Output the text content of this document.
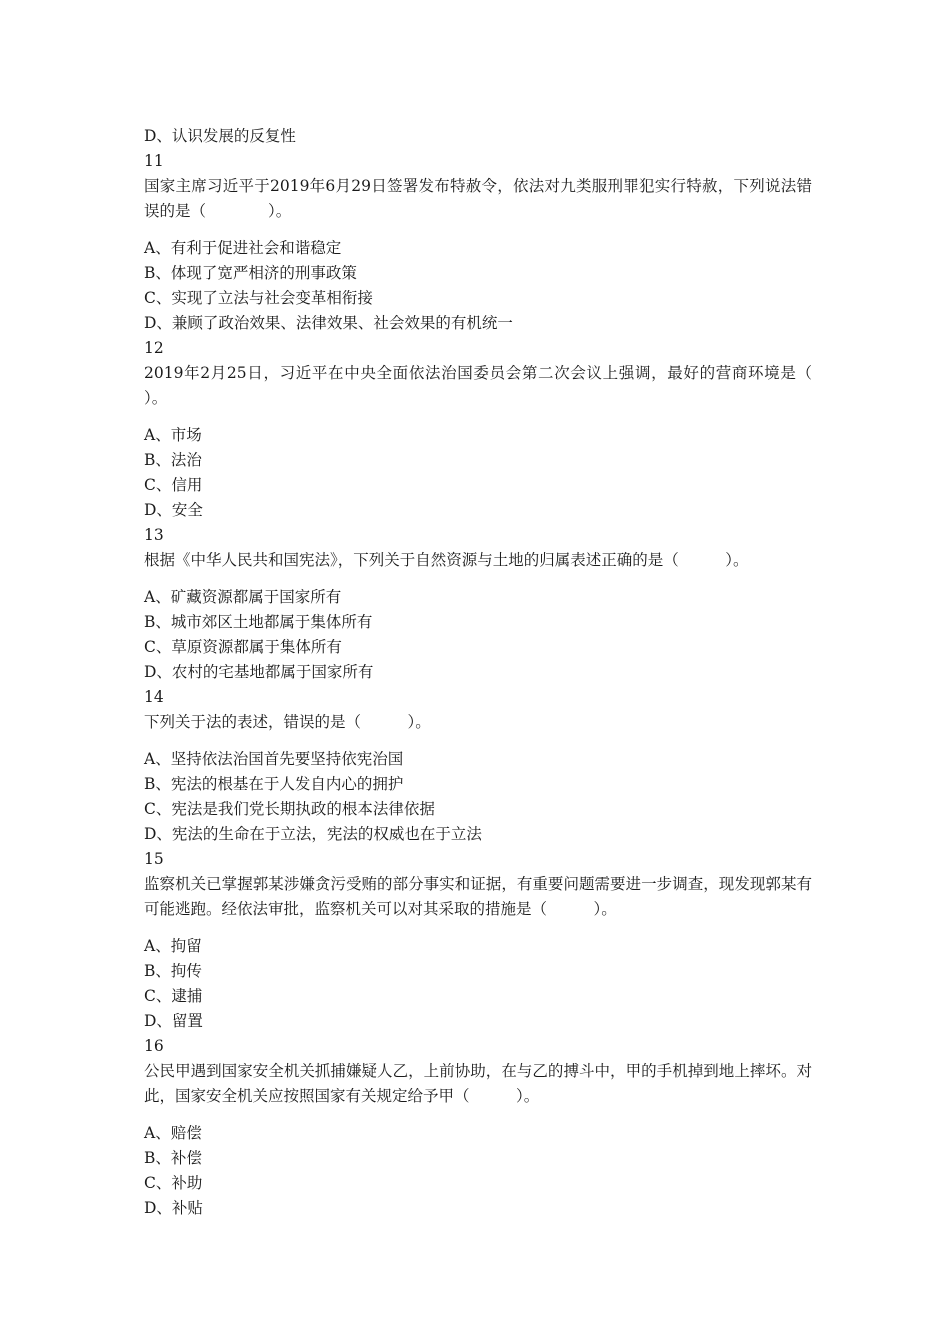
D、认识发展的反复性
11
国家主席习近平于2019年6月29日签署发布特赦令，依法对九类服刑罪犯实行特赦，下列说法错误的是（　　　　）。
A、有利于促进社会和谐稳定
B、体现了宽严相济的刑事政策
C、实现了立法与社会变革相衔接
D、兼顾了政治效果、法律效果、社会效果的有机统一
12
2019年2月25日，习近平在中央全面依法治国委员会第二次会议上强调，最好的营商环境是（　　　）。
A、市场
B、法治
C、信用
D、安全
13
根据《中华人民共和国宪法》，下列关于自然资源与土地的归属表述正确的是（　　　）。
A、矿藏资源都属于国家所有
B、城市郊区土地都属于集体所有
C、草原资源都属于集体所有
D、农村的宅基地都属于国家所有
14
下列关于法的表述，错误的是（　　　）。
A、坚持依法治国首先要坚持依宪治国
B、宪法的根基在于人发自内心的拥护
C、宪法是我们党长期执政的根本法律依据
D、宪法的生命在于立法，宪法的权威也在于立法
15
监察机关已掌握郭某涉嫌贪污受贿的部分事实和证据，有重要问题需要进一步调查，现发现郭某有可能逃跑。经依法审批，监察机关可以对其采取的措施是（　　　）。
A、拘留
B、拘传
C、逮捕
D、留置
16
公民甲遇到国家安全机关抓捕嫌疑人乙，上前协助，在与乙的搏斗中，甲的手机掉到地上摔坏。对此，国家安全机关应按照国家有关规定给予甲（　　　）。
A、赔偿
B、补偿
C、补助
D、补贴
